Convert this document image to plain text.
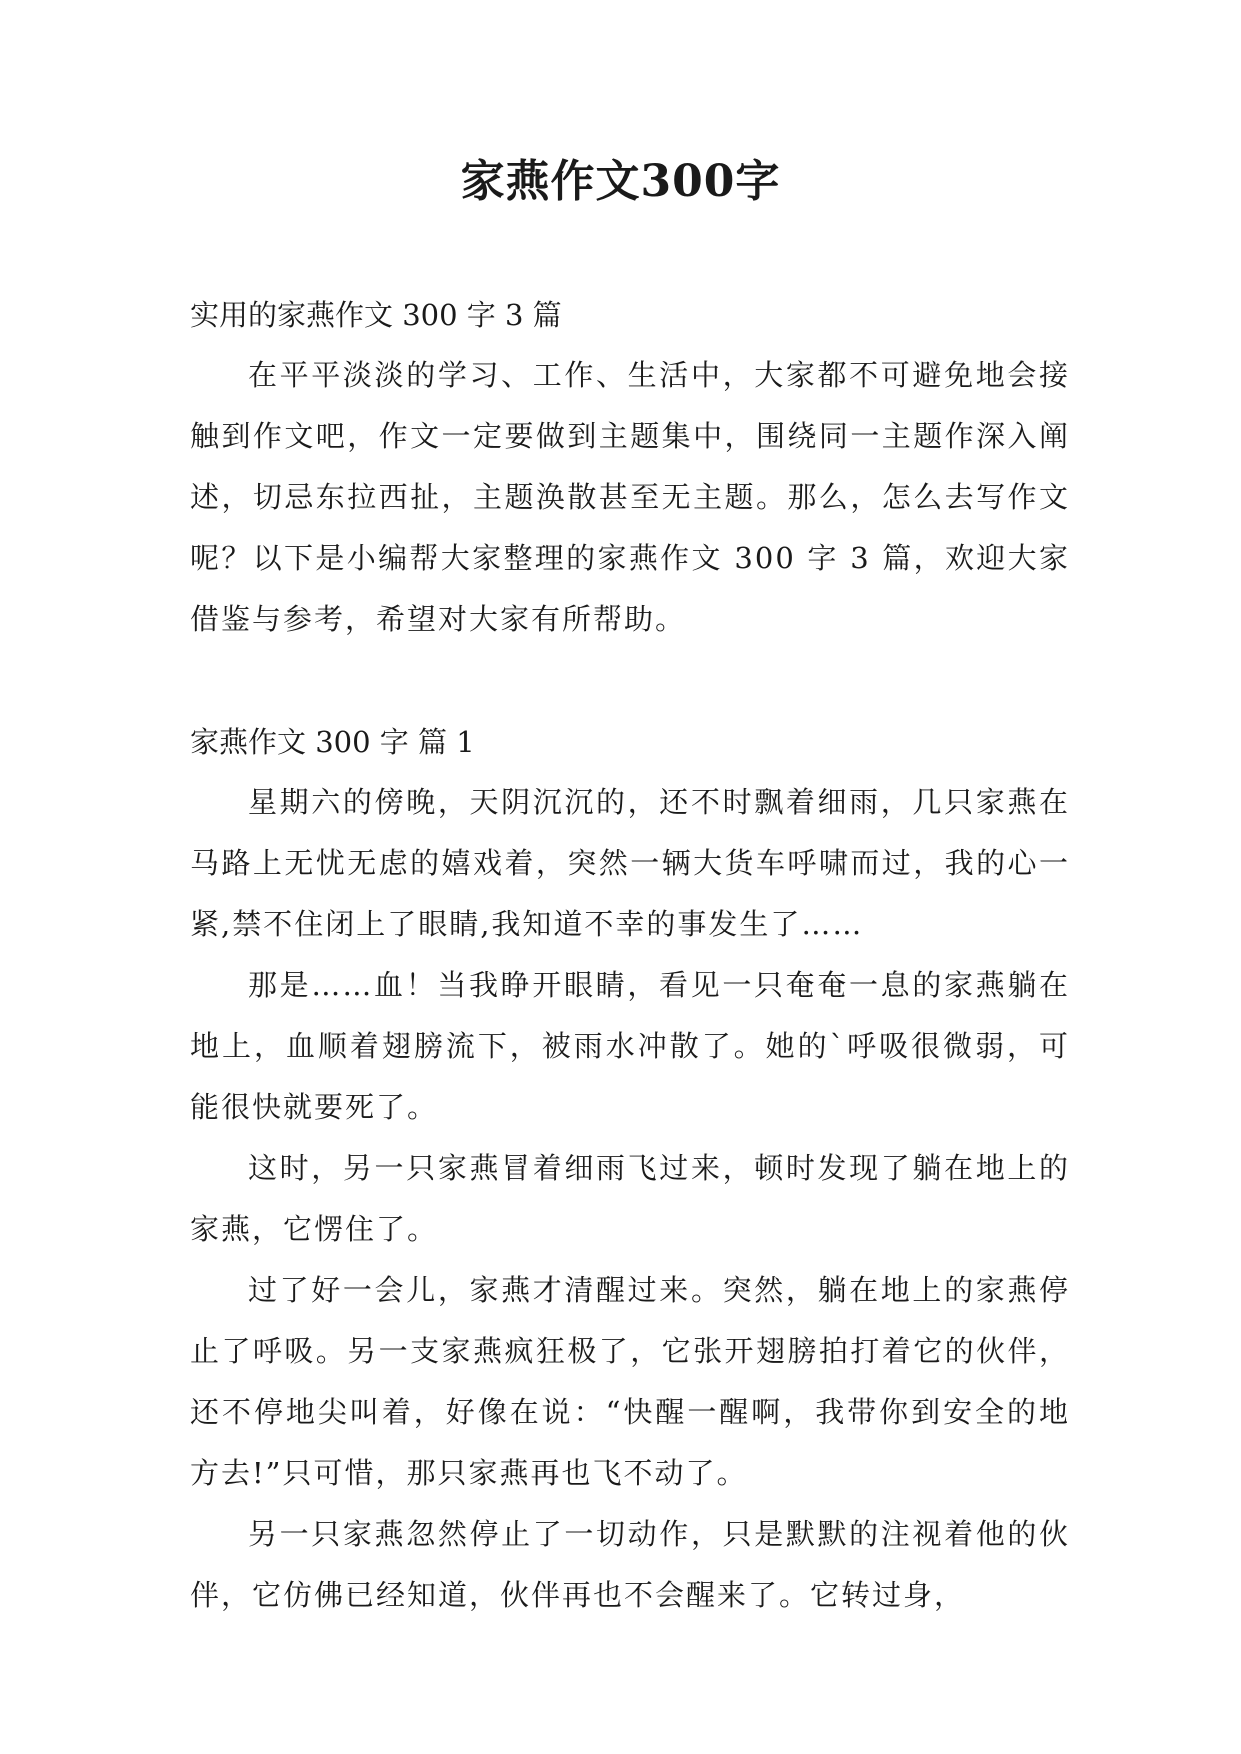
家燕作文300字

实用的家燕作文 300 字 3 篇

在平平淡淡的学习、工作、生活中，大家都不可避免地会接触到作文吧，作文一定要做到主题集中，围绕同一主题作深入阐述，切忌东拉西扯，主题涣散甚至无主题。那么，怎么去写作文呢？以下是小编帮大家整理的家燕作文 300 字 3 篇，欢迎大家借鉴与参考，希望对大家有所帮助。

家燕作文 300 字 篇 1

星期六的傍晚，天阴沉沉的，还不时飘着细雨，几只家燕在马路上无忧无虑的嬉戏着，突然一辆大货车呼啸而过，我的心一紧,禁不住闭上了眼睛,我知道不幸的事发生了……

那是……血！当我睁开眼睛，看见一只奄奄一息的家燕躺在地上，血顺着翅膀流下，被雨水冲散了。她的`呼吸很微弱，可能很快就要死了。

这时，另一只家燕冒着细雨飞过来，顿时发现了躺在地上的家燕，它愣住了。

过了好一会儿，家燕才清醒过来。突然，躺在地上的家燕停止了呼吸。另一支家燕疯狂极了，它张开翅膀拍打着它的伙伴，还不停地尖叫着，好像在说：“快醒一醒啊，我带你到安全的地方去!”只可惜，那只家燕再也飞不动了。

另一只家燕忽然停止了一切动作，只是默默的注视着他的伙伴，它仿佛已经知道，伙伴再也不会醒来了。它转过身，
